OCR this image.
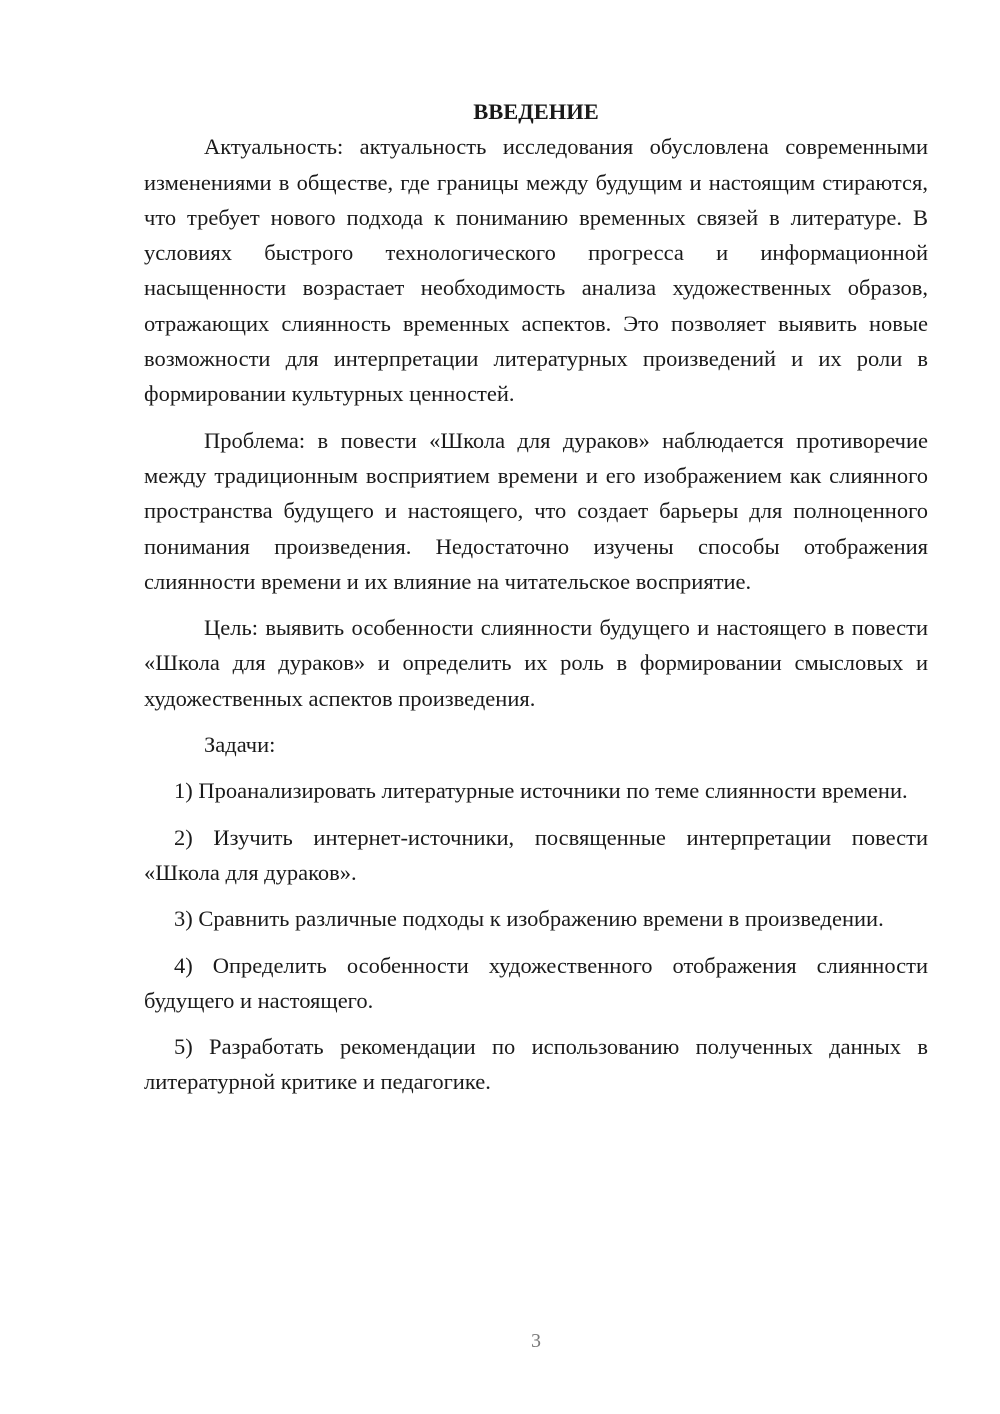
ВВЕДЕНИЕ

Актуальность: актуальность исследования обусловлена современными изменениями в обществе, где границы между будущим и настоящим стираются, что требует нового подхода к пониманию временных связей в литературе. В условиях быстрого технологического прогресса и информационной насыщенности возрастает необходимость анализа художественных образов, отражающих слиянность временных аспектов. Это позволяет выявить новые возможности для интерпретации литературных произведений и их роли в формировании культурных ценностей.

Проблема: в повести «Школа для дураков» наблюдается противоречие между традиционным восприятием времени и его изображением как слиянного пространства будущего и настоящего, что создает барьеры для полноценного понимания произведения. Недостаточно изучены способы отображения слиянности времени и их влияние на читательское восприятие.

Цель: выявить особенности слиянности будущего и настоящего в повести «Школа для дураков» и определить их роль в формировании смысловых и художественных аспектов произведения.

Задачи:

1) Проанализировать литературные источники по теме слиянности времени.

2) Изучить интернет-источники, посвященные интерпретации повести «Школа для дураков».

3) Сравнить различные подходы к изображению времени в произведении.

4) Определить особенности художественного отображения слиянности будущего и настоящего.

5) Разработать рекомендации по использованию полученных данных в литературной критике и педагогике.

3
